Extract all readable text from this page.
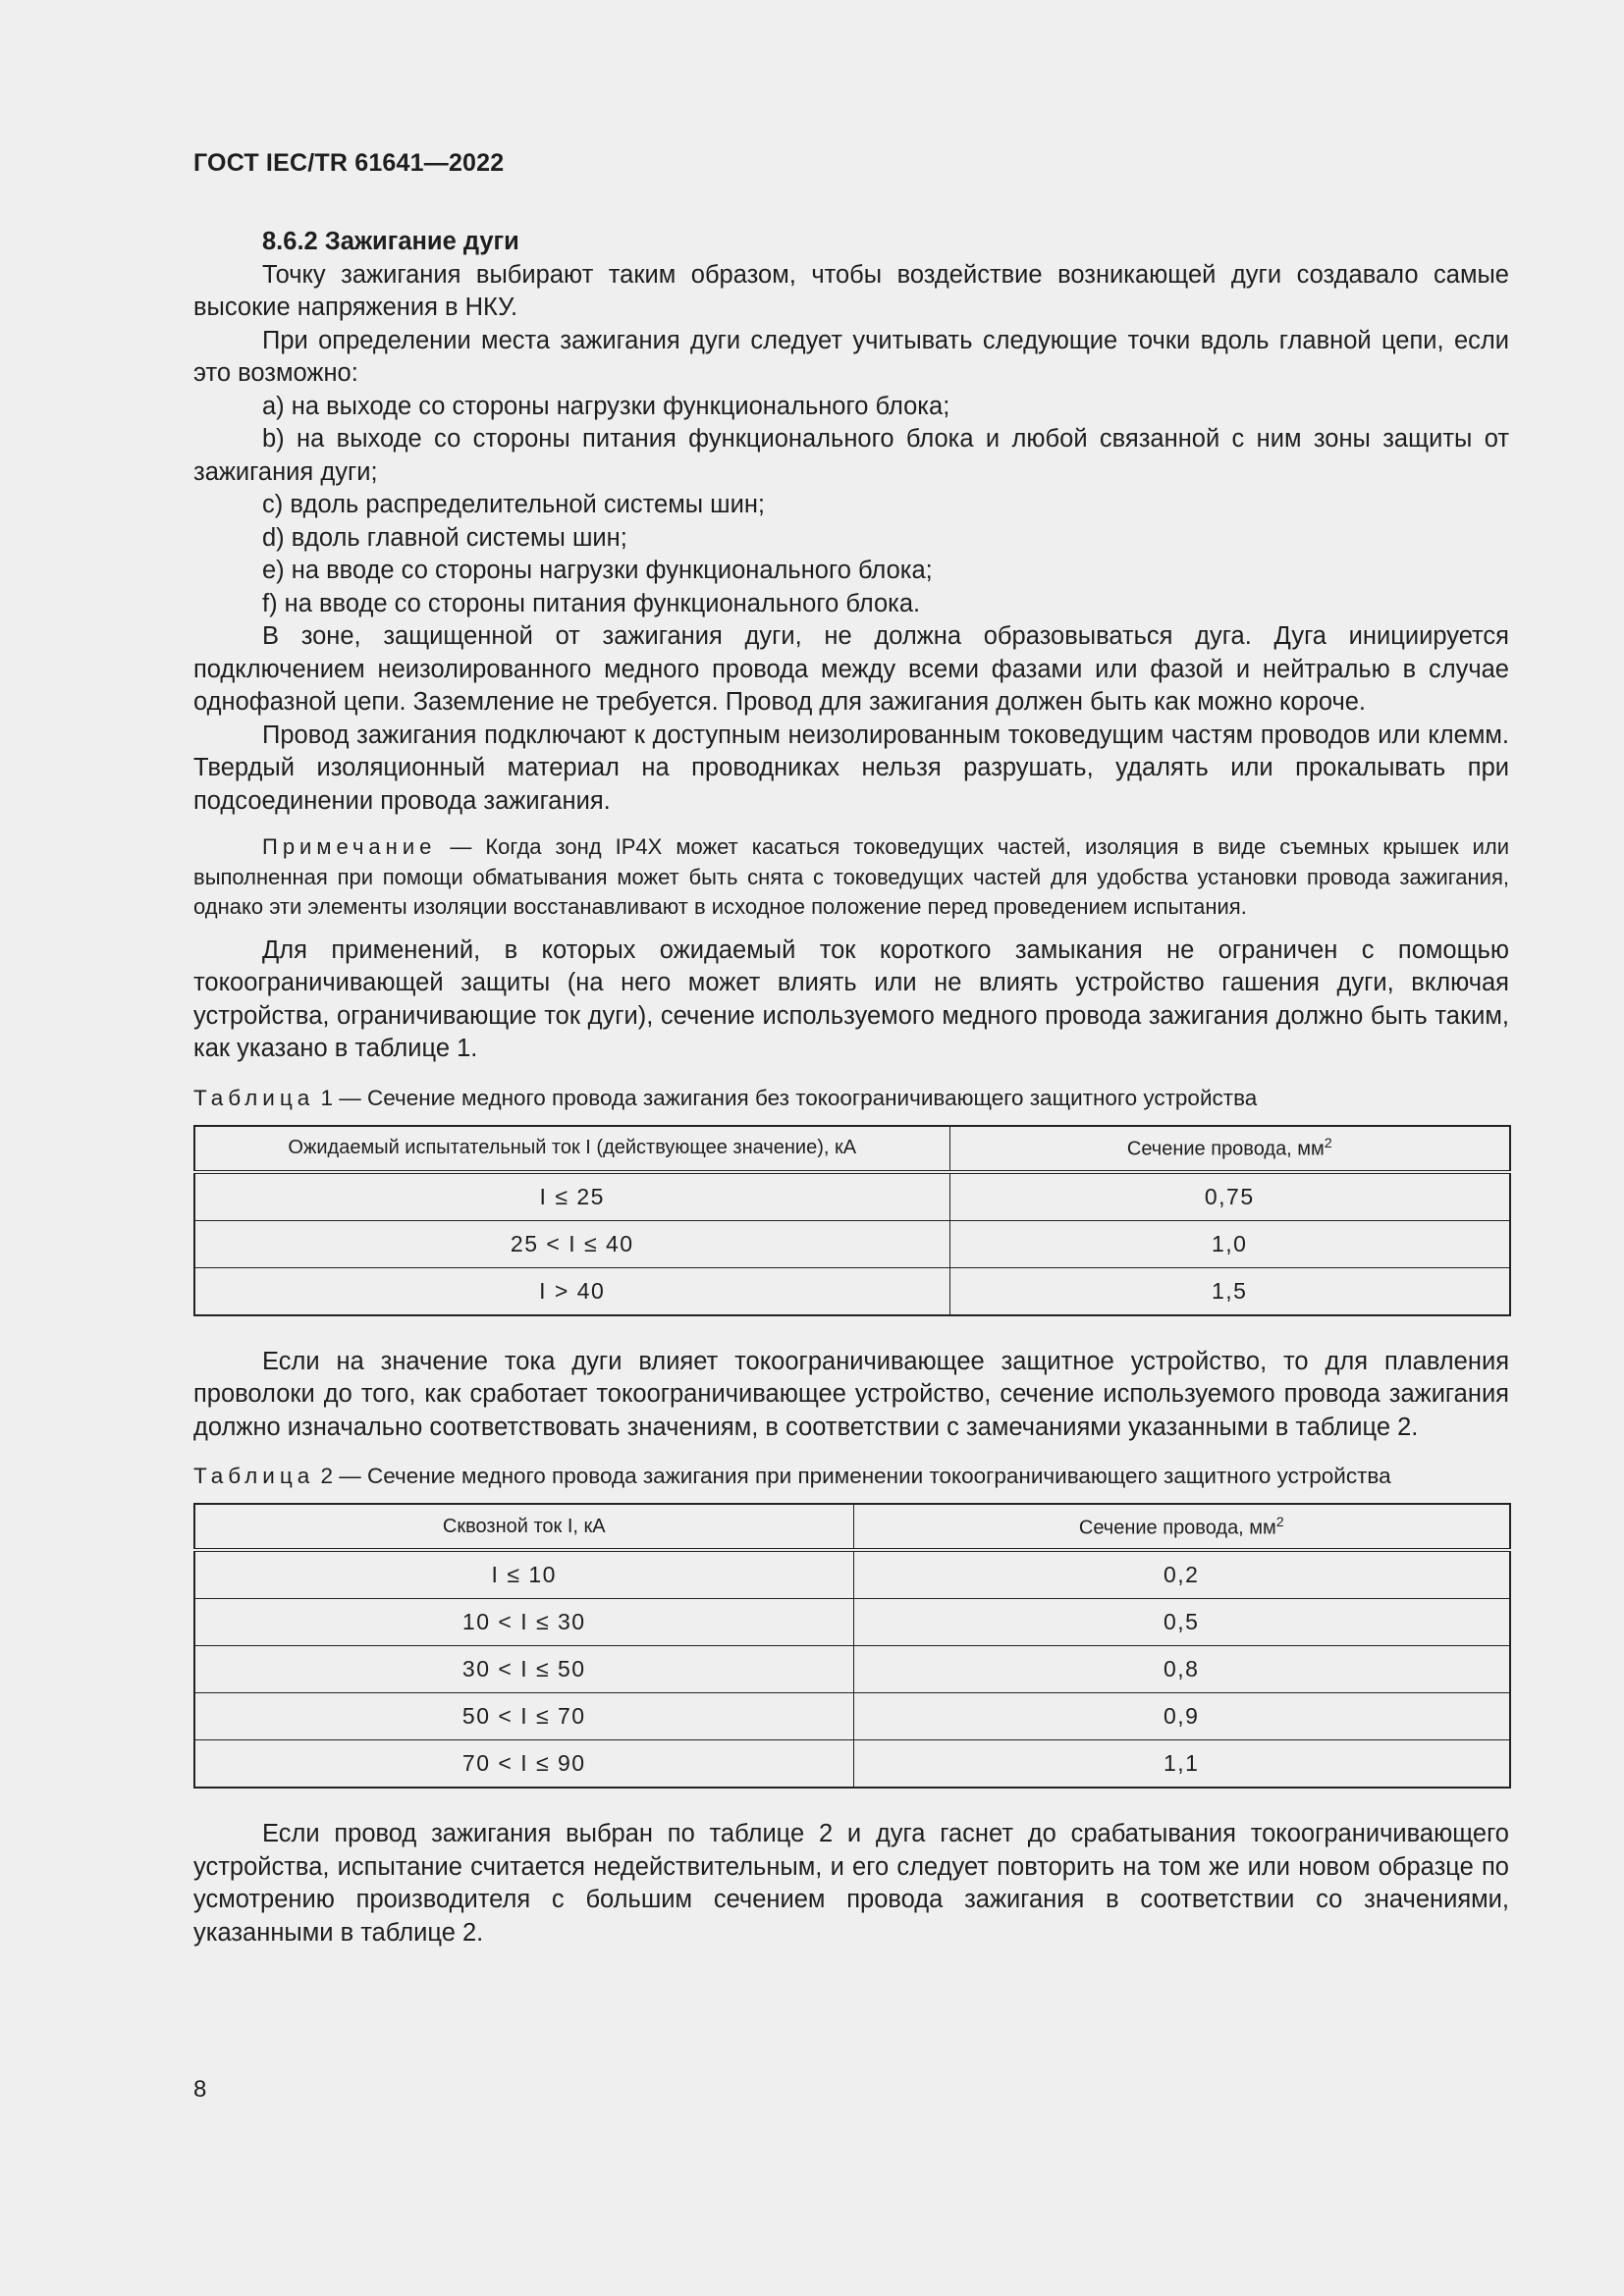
ГОСТ IEC/TR 61641—2022

8.6.2 Зажигание дуги

Точку зажигания выбирают таким образом, чтобы воздействие возникающей дуги создавало самые высокие напряжения в НКУ.

При определении места зажигания дуги следует учитывать следующие точки вдоль главной цепи, если это возможно:

a) на выходе со стороны нагрузки функционального блока;

b) на выходе со стороны питания функционального блока и любой связанной с ним зоны защиты от зажигания дуги;

c) вдоль распределительной системы шин;

d) вдоль главной системы шин;

e) на вводе со стороны нагрузки функционального блока;

f) на вводе со стороны питания функционального блока.

В зоне, защищенной от зажигания дуги, не должна образовываться дуга. Дуга инициируется подключением неизолированного медного провода между всеми фазами или фазой и нейтралью в случае однофазной цепи. Заземление не требуется. Провод для зажигания должен быть как можно короче.

Провод зажигания подключают к доступным неизолированным токоведущим частям проводов или клемм. Твердый изоляционный материал на проводниках нельзя разрушать, удалять или прокалывать при подсоединении провода зажигания.

Примечание — Когда зонд IP4X может касаться токоведущих частей, изоляция в виде съемных крышек или выполненная при помощи обматывания может быть снята с токоведущих частей для удобства установки провода зажигания, однако эти элементы изоляции восстанавливают в исходное положение перед проведением испытания.

Для применений, в которых ожидаемый ток короткого замыкания не ограничен с помощью токоограничивающей защиты (на него может влиять или не влиять устройство гашения дуги, включая устройства, ограничивающие ток дуги), сечение используемого медного провода зажигания должно быть таким, как указано в таблице 1.

Таблица 1 — Сечение медного провода зажигания без токоограничивающего защитного устройства

Ожидаемый испытательный ток I (действующее значение), кА	Сечение провода, $мм^2$
I ≤ 25	0,75
25 < I ≤ 40	1,0
I > 40	1,5

Если на значение тока дуги влияет токоограничивающее защитное устройство, то для плавления проволоки до того, как сработает токоограничивающее устройство, сечение используемого провода зажигания должно изначально соответствовать значениям, в соответствии с замечаниями указанными в таблице 2.

Таблица 2 — Сечение медного провода зажигания при применении токоограничивающего защитного устройства

Сквозной ток I, кА	Сечение провода, $мм^2$
I ≤ 10	0,2
10 < I ≤ 30	0,5
30 < I ≤ 50	0,8
50 < I ≤ 70	0,9
70 < I ≤ 90	1,1

Если провод зажигания выбран по таблице 2 и дуга гаснет до срабатывания токоограничивающего устройства, испытание считается недействительным, и его следует повторить на том же или новом образце по усмотрению производителя с большим сечением провода зажигания в соответствии со значениями, указанными в таблице 2.

8
